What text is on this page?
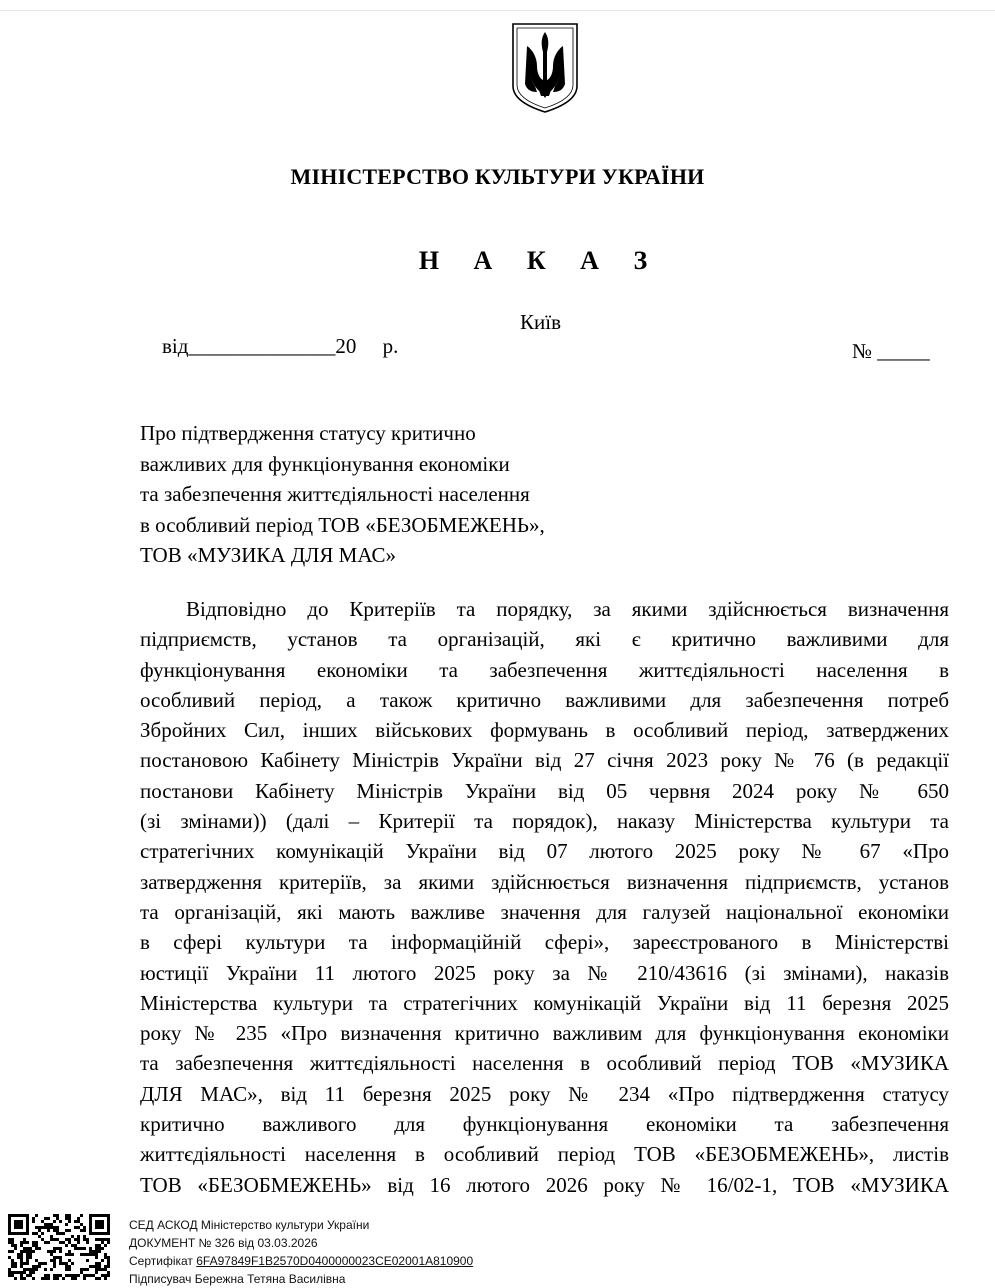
МІНІСТЕРСТВО КУЛЬТУРИ УКРАЇНИ
Н А К А З
Київ
від______________20     р.	№ _____
Про підтвердження статусу критично
важливих для функціонування економіки
та забезпечення життєдіяльності населення
в особливий період ТОВ «БЕЗОБМЕЖЕНЬ»,
ТОВ «МУЗИКА ДЛЯ МАС»
Відповідно до Критеріїв та порядку, за якими здійснюється визначення
підприємств, установ та організацій, які є критично важливими для
функціонування економіки та забезпечення життєдіяльності населення в
особливий період, а також критично важливими для забезпечення потреб
Збройних Сил, інших військових формувань в особливий період, затверджених
постановою Кабінету Міністрів України від 27 січня 2023 року № 76 (в редакції
постанови Кабінету Міністрів України від 05 червня 2024 року № 650
(зі змінами)) (далі – Критерії та порядок), наказу Міністерства культури та
стратегічних комунікацій України від 07 лютого 2025 року № 67 «Про
затвердження критеріїв, за якими здійснюється визначення підприємств, установ
та організацій, які мають важливе значення для галузей національної економіки
в сфері культури та інформаційній сфері», зареєстрованого в Міністерстві
юстиції України 11 лютого 2025 року за № 210/43616 (зі змінами), наказів
Міністерства культури та стратегічних комунікацій України від 11 березня 2025
року № 235 «Про визначення критично важливим для функціонування економіки
та забезпечення життєдіяльності населення в особливий період ТОВ «МУЗИКА
ДЛЯ МАС», від 11 березня 2025 року № 234 «Про підтвердження статусу
критично важливого для функціонування економіки та забезпечення
життєдіяльності населення в особливий період ТОВ «БЕЗОБМЕЖЕНЬ», листів
ТОВ «БЕЗОБМЕЖЕНЬ» від 16 лютого 2026 року № 16/02-1, ТОВ «МУЗИКА
СЕД АСКОД Міністерство культури України
ДОКУМЕНТ № 326 від 03.03.2026
Сертифікат 6FA97849F1B2570D0400000023CE02001A810900
Підписувач Бережна Тетяна Василівна
